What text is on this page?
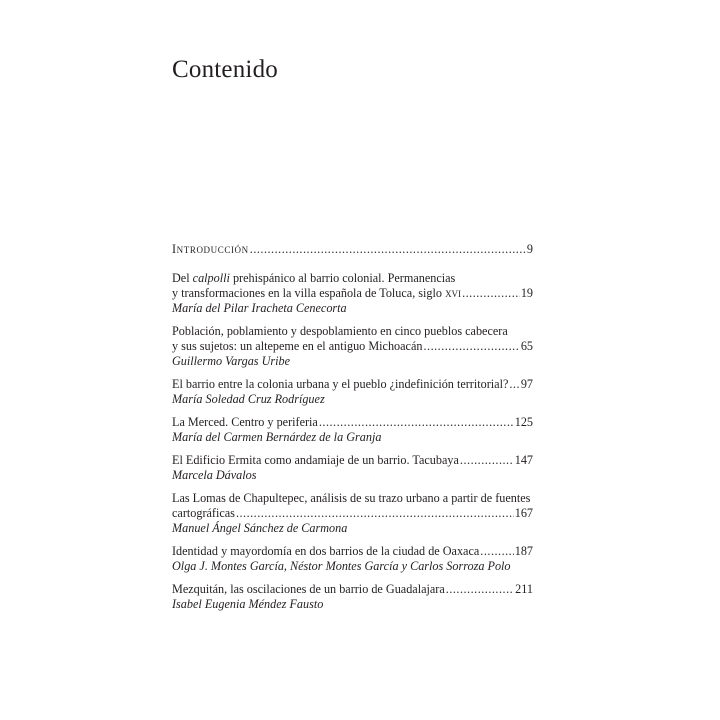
Contenido
Introducción .....	9
Del calpolli prehispánico al barrio colonial. Permanencias
y transformaciones en la villa española de Toluca, siglo xvi .....	19
María del Pilar Iracheta Cenecorta
Población, poblamiento y despoblamiento en cinco pueblos cabecera
y sus sujetos: un altepeme en el antiguo Michoacán .....	65
Guillermo Vargas Uribe
El barrio entre la colonia urbana y el pueblo ¿indefinición territorial? ..... 97
María Soledad Cruz Rodríguez
La Merced. Centro y periferia .....	125
María del Carmen Bernárdez de la Granja
El Edificio Ermita como andamiaje de un barrio. Tacubaya .....	147
Marcela Dávalos
Las Lomas de Chapultepec, análisis de su trazo urbano a partir de fuentes
cartográficas .....	167
Manuel Ángel Sánchez de Carmona
Identidad y mayordomía en dos barrios de la ciudad de Oaxaca .....	187
Olga J. Montes García, Néstor Montes García y Carlos Sorroza Polo
Mezquitán, las oscilaciones de un barrio de Guadalajara .....	211
Isabel Eugenia Méndez Fausto
